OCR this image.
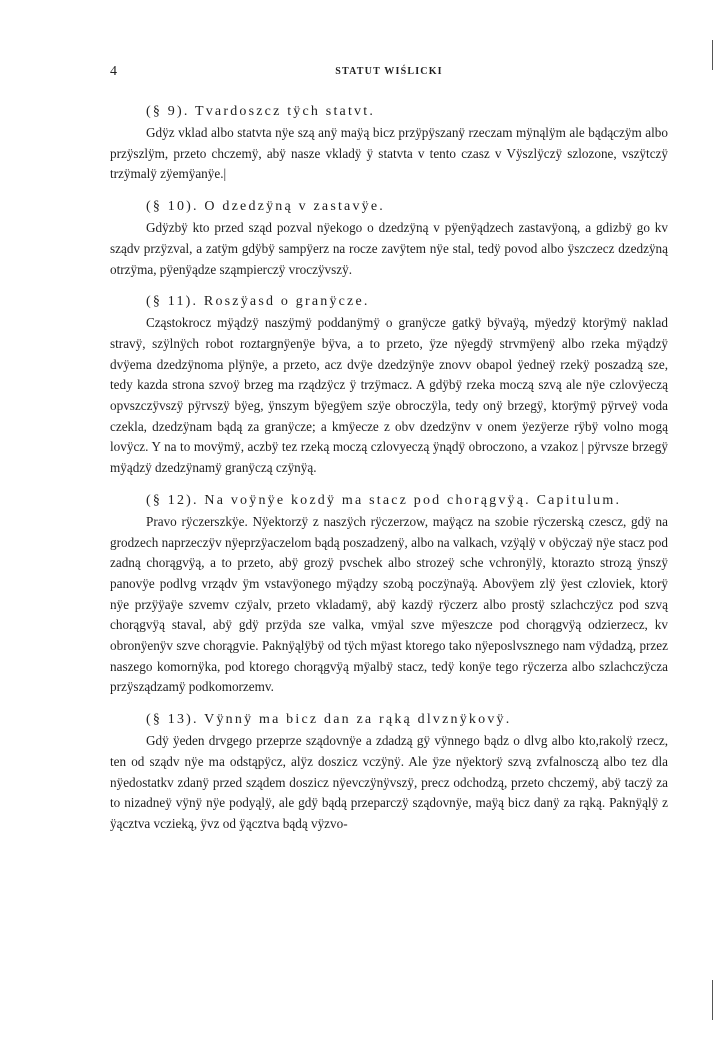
4	STATUT WIŚLICKI
(§ 9). Tvardoszcz tÿch statvt.

Gdÿz vklad albo statvta nÿe szą anÿ maÿą bicz przÿpÿszanÿ rzeczam mÿnąlÿm ale bądączÿm albo przÿszlÿm, przeto chczemÿ, abÿ nasze vkladÿ ÿ statvta v tento czasz v Vÿszlÿczÿ szlozone, vszÿtczÿ trzÿmalÿ zÿemÿanÿe.|

(§ 10). O dzedzÿną v zastavÿe.

Gdÿzbÿ kto przed sząd pozval nÿekogo o dzedzÿną v pÿenÿądzech zastavÿoną, a gdizbÿ go kv sządv przÿzval, a zatÿm gdÿbÿ sampÿerz na rocze zavÿtem nÿe stal, tedÿ povod albo ÿszczecz dzedzÿną otrzÿma, pÿenÿądze sząmpierczÿ vroczÿvszÿ.

(§ 11). Roszÿasd o granÿcze.

Cząstokrocz mÿądzÿ naszÿmÿ poddanÿmÿ o granÿcze gatkÿ bÿvaÿą, mÿedzÿ ktorÿmÿ naklad stravÿ, szÿlnÿch robot roztargnÿenÿe bÿva, a to przeto, ÿze nÿegdÿ strvmÿenÿ albo rzeka mÿądzÿ dvÿema dzedzÿnoma plÿnÿe, a przeto, acz dvÿe dzedzÿnÿe znovv obapol ÿedneÿ rzekÿ poszadzą sze, tedy kazda strona szvoÿ brzeg ma rządzÿcz ÿ trzÿmacz. A gdÿbÿ rzeka moczą szvą ale nÿe czlovÿeczą opvszczÿvszÿ pÿrvszÿ bÿeg, ÿnszym bÿegÿem szÿe obroczÿla, tedy onÿ brzegÿ, ktorÿmÿ pÿrveÿ voda czekla, dzedzÿnam bądą za granÿcze; a kmÿecze z obv dzedzÿnv v onem ÿezÿerze rÿbÿ volno mogą lovÿcz. Y na to movÿmÿ, aczbÿ tez rzeką moczą czlovyeczą ÿnądÿ obroczono, a vzakoz | pÿrvsze brzegÿ mÿądzÿ dzedzÿnamÿ granÿczą czÿnÿą.

(§ 12). Na voÿnÿe kozdÿ ma stacz pod chorągvÿą. Capitulum.

Pravo rÿczerszkÿe. Nÿektorzÿ z naszÿch rÿczerzow, maÿącz na szobie rÿczerską czescz, gdÿ na grodzech naprzeczÿv nÿeprzÿaczelom bądą poszadzenÿ, albo na valkach, vzÿąlÿ v obÿczaÿ nÿe stacz pod zadną chorągvÿą, a to przeto, abÿ grozÿ pvschek albo strozeÿ sche vchronÿlÿ, ktorazto strozą ÿnszÿ panovÿe podlvg vrządv ÿm vstavÿonego mÿądzy szobą poczÿnaÿą. Abovÿem zlÿ ÿest czloviek, ktorÿ nÿe przÿÿaÿe szvemv czÿalv, przeto vkladamÿ, abÿ kazdÿ rÿczerz albo prostÿ szlachczÿcz pod szvą chorągvÿą staval, abÿ gdÿ przÿda sze valka, vmÿal szve mÿeszcze pod chorągvÿą odzierzecz, kv obronÿenÿv szve chorągvie. Paknÿąlÿbÿ od tÿch mÿast ktorego tako nÿeposlvsznego nam vÿdadzą, przez naszego komornÿka, pod ktorego chorągvÿą mÿalbÿ stacz, tedÿ konÿe tego rÿczerza albo szlachczÿcza przÿsządzamÿ podkomorzemv.

(§ 13). Vÿnnÿ ma bicz dan za rąką dlvznÿkovÿ.

Gdÿ ÿeden drvgego przeprze sządovnÿe a zdadzą gÿ vÿnnego bądz o dlvg albo kto,rakolÿ rzecz, ten od sządv nÿe ma odstąpÿcz, alÿz doszicz vczÿnÿ. Ale ÿze nÿektorÿ szvą zvfalnosczą albo tez dla nÿedostatkv zdanÿ przed sządem doszicz nÿevczÿnÿvszÿ, precz odchodzą, przeto chczemÿ, abÿ taczÿ za to nizadneÿ vÿnÿ nÿe podyąlÿ, ale gdÿ bądą przeparczÿ sządovnÿe, maÿą bicz danÿ za rąką. Paknÿąlÿ z ÿącztva vczieką, ÿvz od ÿącztva bądą vÿzvo-
